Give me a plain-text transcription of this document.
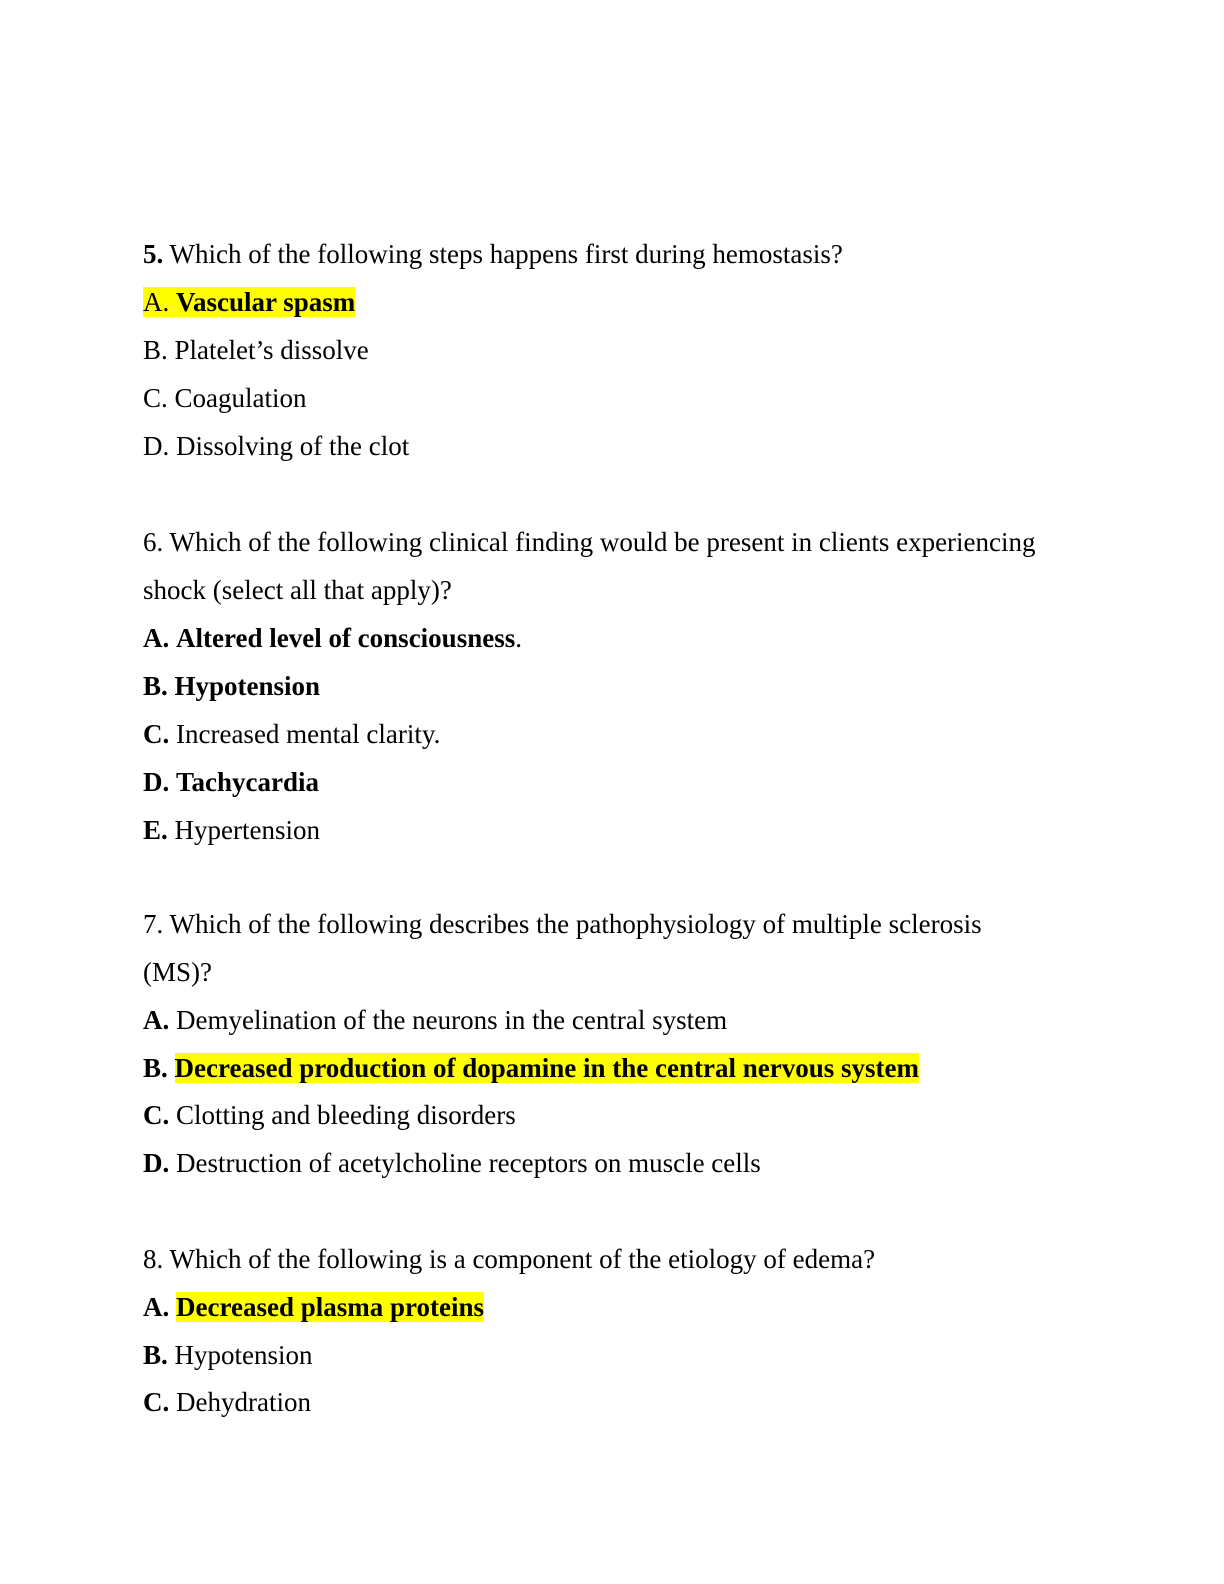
5. Which of the following steps happens first during hemostasis?
A. Vascular spasm
B. Platelet’s dissolve
C. Coagulation
D. Dissolving of the clot
6. Which of the following clinical finding would be present in clients experiencing
shock (select all that apply)?
A. Altered level of consciousness.
B. Hypotension
C. Increased mental clarity.
D. Tachycardia
E. Hypertension
7. Which of the following describes the pathophysiology of multiple sclerosis
(MS)?
A. Demyelination of the neurons in the central system
B. Decreased production of dopamine in the central nervous system
C. Clotting and bleeding disorders
D. Destruction of acetylcholine receptors on muscle cells
8. Which of the following is a component of the etiology of edema?
A. Decreased plasma proteins
B. Hypotension
C. Dehydration
